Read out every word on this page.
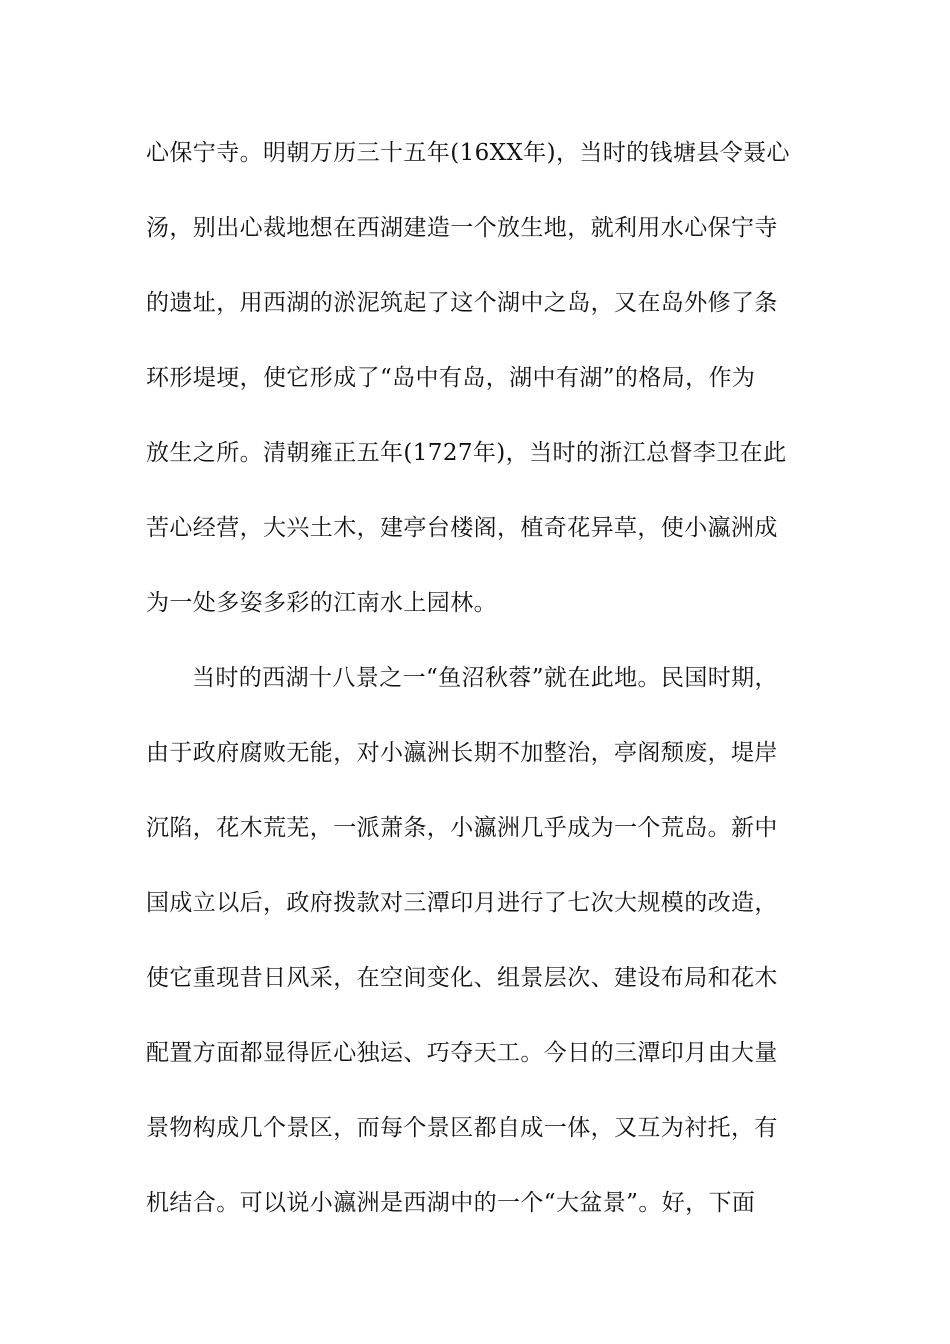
心保宁寺。明朝万历三十五年(16XX年)，当时的钱塘县令聂心
汤，别出心裁地想在西湖建造一个放生地，就利用水心保宁寺
的遗址，用西湖的淤泥筑起了这个湖中之岛，又在岛外修了条
环形堤埂，使它形成了“岛中有岛，湖中有湖”的格局，作为
放生之所。清朝雍正五年(1727年)，当时的浙江总督李卫在此
苦心经营，大兴土木，建亭台楼阁，植奇花异草，使小瀛洲成
为一处多姿多彩的江南水上园林。
当时的西湖十八景之一“鱼沼秋蓉”就在此地。民国时期，
由于政府腐败无能，对小瀛洲长期不加整治，亭阁颓废，堤岸
沉陷，花木荒芜，一派萧条，小瀛洲几乎成为一个荒岛。新中
国成立以后，政府拨款对三潭印月进行了七次大规模的改造，
使它重现昔日风采，在空间变化、组景层次、建设布局和花木
配置方面都显得匠心独运、巧夺天工。今日的三潭印月由大量
景物构成几个景区，而每个景区都自成一体，又互为衬托，有
机结合。可以说小瀛洲是西湖中的一个“大盆景”。好，下面
